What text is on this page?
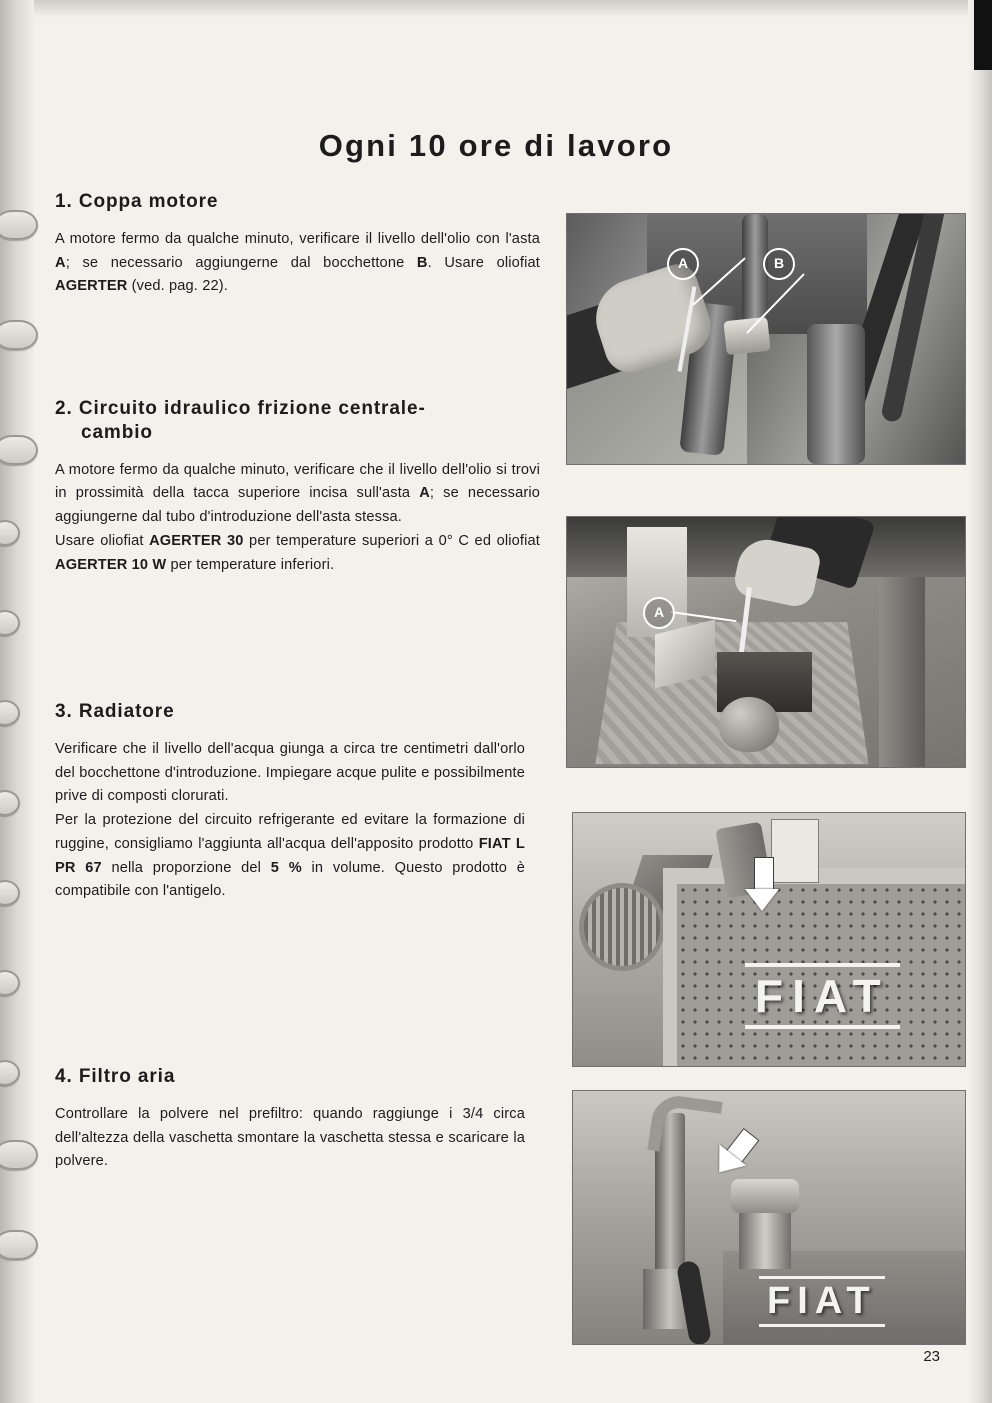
Ogni 10 ore di lavoro
1. Coppa motore

A motore fermo da qualche minuto, verificare il livello dell'olio con l'asta A; se necessario aggiungerne dal bocchettone B. Usare oliofiat AGERTER (ved. pag. 22).

2. Circuito idraulico frizione centrale-
cambio

A motore fermo da qualche minuto, verificare che il livello dell'olio si trovi in prossimità della tacca superiore incisa sull'asta A; se necessario aggiungerne dal tubo d'introduzione dell'asta stessa.
Usare oliofiat AGERTER 30 per temperature superiori a 0° C ed oliofiat AGERTER 10 W per temperature inferiori.

3. Radiatore

Verificare che il livello dell'acqua giunga a circa tre centimetri dall'orlo del bocchettone d'introduzione. Impiegare acque pulite e possibilmente prive di composti clorurati.
Per la protezione del circuito refrigerante ed evitare la formazione di ruggine, consigliamo l'aggiunta all'acqua dell'apposito prodotto FIAT L PR 67 nella proporzione del 5 % in volume. Questo prodotto è compatibile con l'antigelo.

4. Filtro aria

Controllare la polvere nel prefiltro: quando raggiunge i 3/4 circa dell'altezza della vaschetta smontare la vaschetta stessa e scaricare la polvere.

A	B
A
FIAT
FIAT
23
